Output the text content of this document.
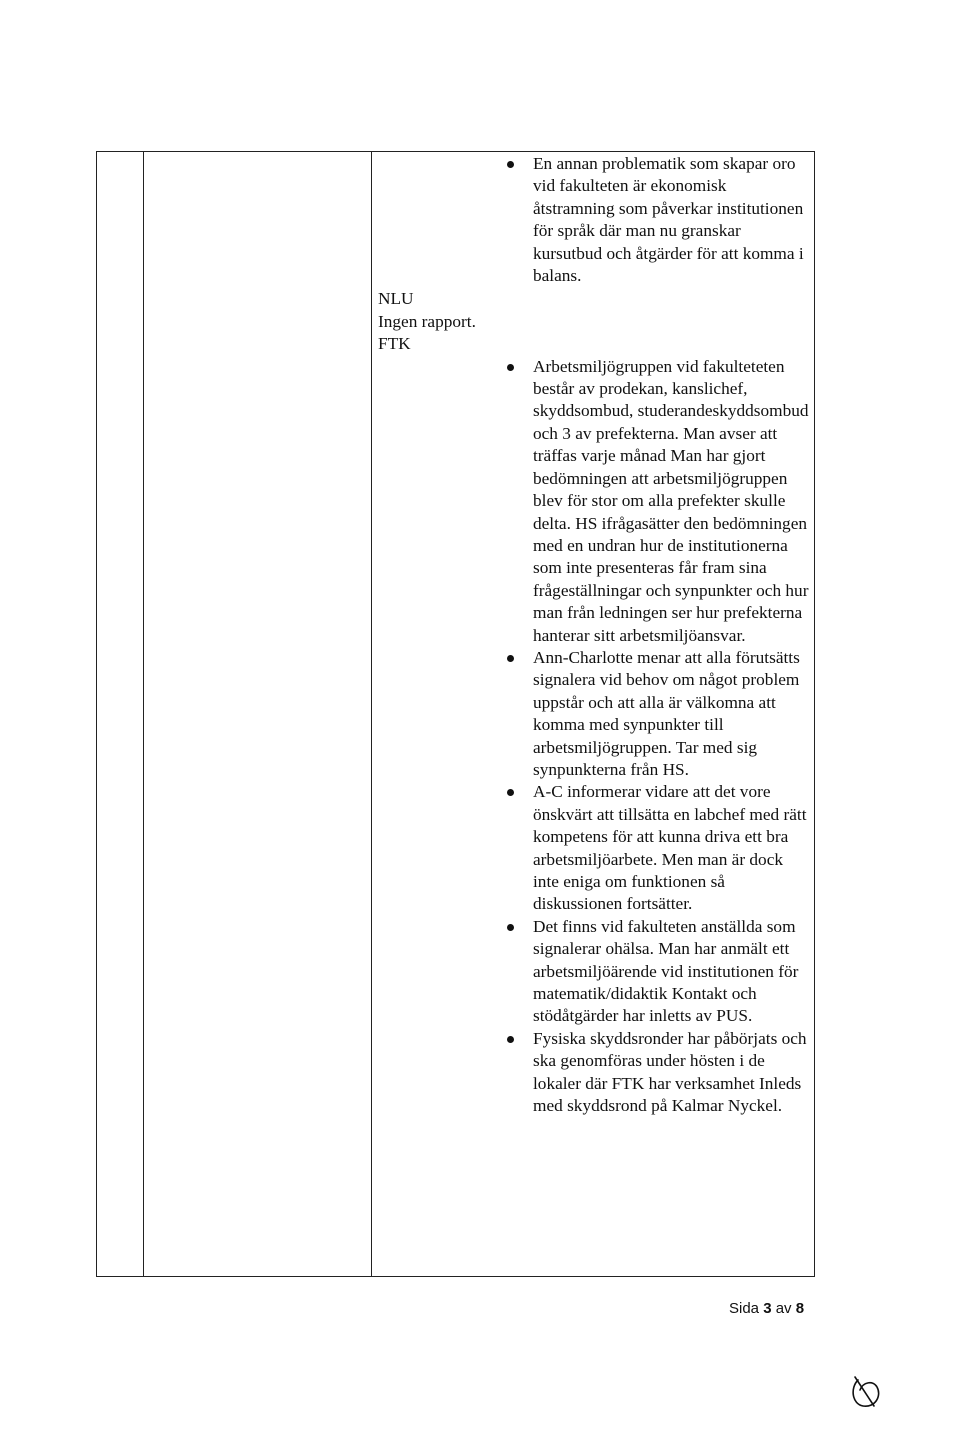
En annan problematik som skapar oro vid fakulteten är ekonomisk åtstramning som påverkar institutionen för språk där man nu granskar kursutbud och åtgärder för att komma i balans.

NLU

Ingen rapport.

FTK

Arbetsmiljögruppen vid fakulteteten består av prodekan, kanslichef, skyddsombud, studerandeskyddsombud och 3 av prefekterna. Man avser att träffas varje månad Man har gjort bedömningen att arbetsmiljögruppen blev för stor om alla prefekter skulle delta. HS ifrågasätter den bedömningen med en undran hur de institutionerna som inte presenteras får fram sina frågeställningar och synpunkter och hur man från ledningen ser hur prefekterna hanterar sitt arbetsmiljöansvar.
Ann-Charlotte menar att alla förutsätts signalera vid behov om något problem uppstår och att alla är välkomna att komma med synpunkter till arbetsmiljögruppen. Tar med sig synpunkterna från HS.
A-C informerar vidare att det vore önskvärt att tillsätta en labchef med rätt kompetens för att kunna driva ett bra arbetsmiljöarbete. Men man är dock inte eniga om funktionen så diskussionen fortsätter.
Det finns vid fakulteten anställda som signalerar ohälsa. Man har anmält ett arbetsmiljöärende vid institutionen för matematik/didaktik Kontakt och stödåtgärder har inletts av PUS.
Fysiska skyddsronder har påbörjats och ska genomföras under hösten i de lokaler där FTK har verksamhet Inleds med skyddsrond på Kalmar Nyckel.
Sida 3 av 8
